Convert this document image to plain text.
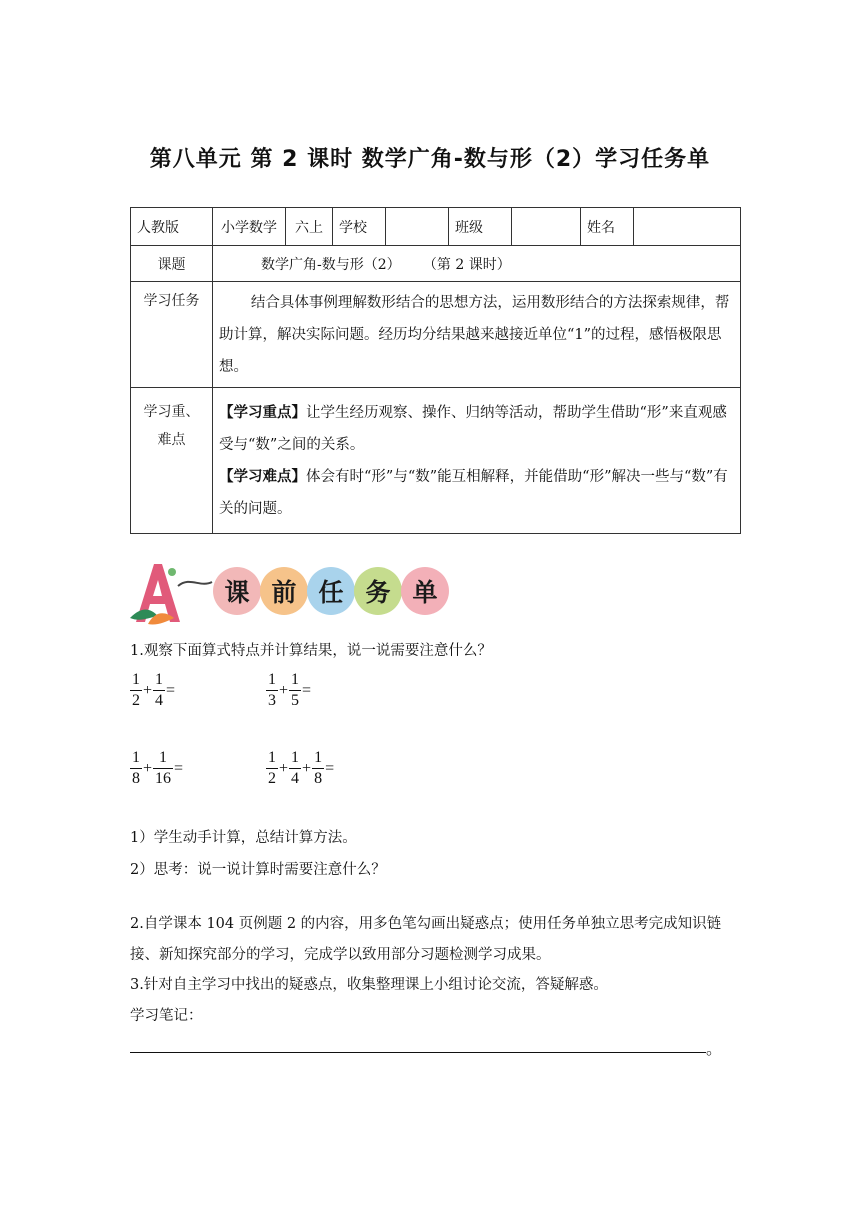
第八单元 第 2 课时 数学广角-数与形（2）学习任务单
人教版	小学数学	六上	学校		班级		姓名	
课题	数学广角-数与形（2）     （第 2 课时）							
学习任务	结合具体事例理解数形结合的思想方法，运用数形结合的方法探索规律，帮助计算，解决实际问题。经历均分结果越来越接近单位“1”的过程，感悟极限思想。							
学习重、难点	【学习重点】让学生经历观察、操作、归纳等活动，帮助学生借助“形”来直观感受与“数”之间的关系。
【学习难点】体会有时“形”与“数”能互相解释，并能借助“形”解决一些与“数”有关的问题。							
课 前 任 务 单
1.观察下面算式特点并计算结果，说一说需要注意什么？
$\frac{1}{2} + \frac{1}{4}$ =	$\frac{1}{3} + \frac{1}{5}$ =
$\frac{1}{8} + \frac{1}{16}$ =	$\frac{1}{2} + \frac{1}{4} + \frac{1}{8}$ =
1）学生动手计算，总结计算方法。
2）思考：说一说计算时需要注意什么？
2.自学课本 104 页例题 2 的内容，用多色笔勾画出疑惑点；使用任务单独立思考完成知识链
接、新知探究部分的学习，完成学以致用部分习题检测学习成果。
3.针对自主学习中找出的疑惑点，收集整理课上小组讨论交流，答疑解惑。
学习笔记：
。
